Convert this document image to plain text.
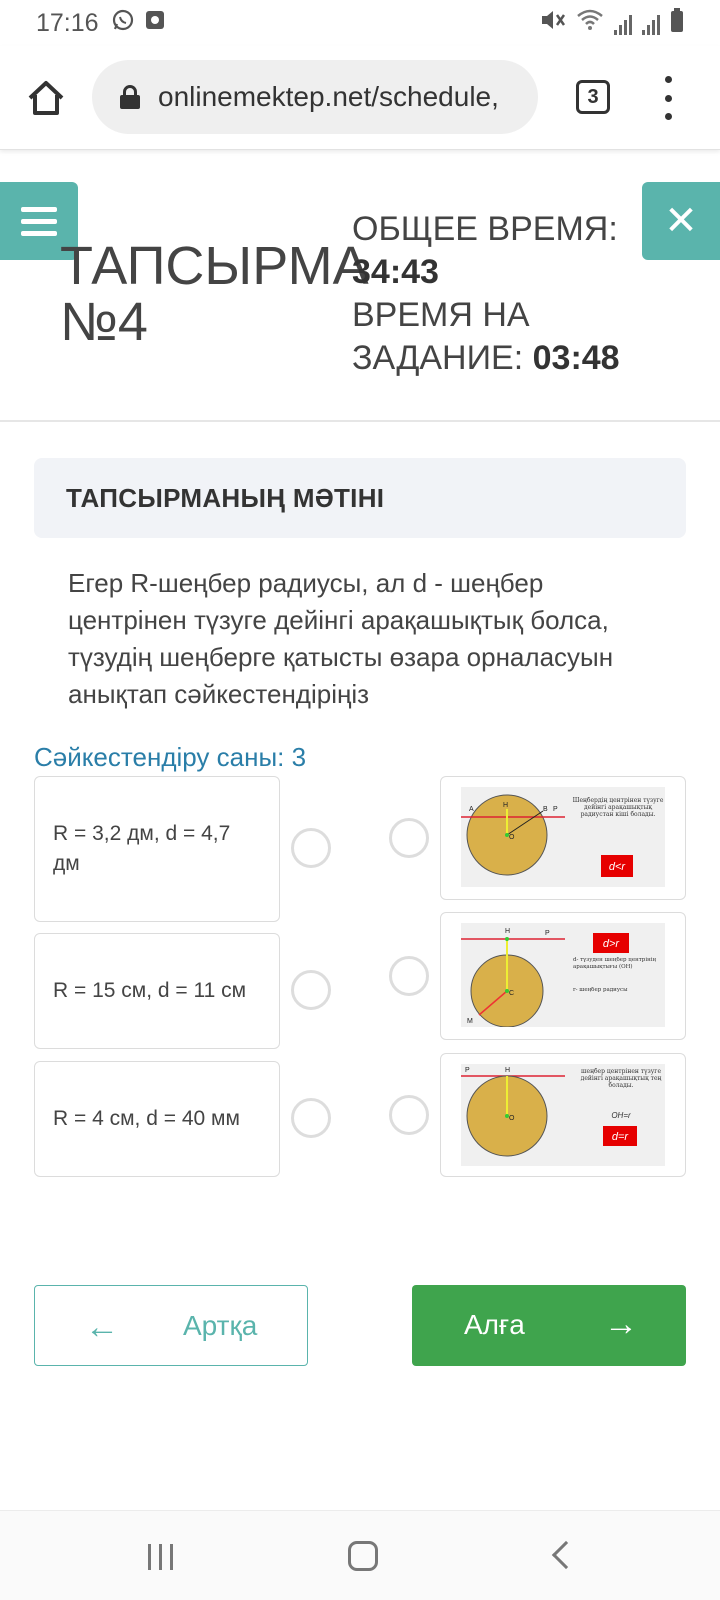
17:16
onlinemektep.net/schedule,	3
✕
ТАПСЫРМА №4
ОБЩЕЕ ВРЕМЯ:
34:43
ВРЕМЯ НА ЗАДАНИЕ: 03:48
ТАПСЫРМАНЫҢ МӘТІНІ
Егер R-шеңбер радиусы, ал d - шеңбер центрінен түзуге дейінгі арақашықтық болса, түзудің шеңберге қатысты өзара орналасуын анықтап сәйкестендіріңіз
Сәйкестендіру саны: 3
R = 3,2 дм, d = 4,7 дм
R = 15 см, d = 11 см
R = 4 см, d = 40 мм
A
H
B P
O
Шеңбердің центрінен түзуге дейінгі арақашықтық радиустан кіші болады.
d<r
H	P
C
M
d>r
d- түзуден шеңбер центрінің арақашықтығы (OH)
r- шеңбер радиусы
P	H
O
шеңбер центрінен түзуге дейінгі арақашықтық тең болады.
OH=r
d=r
← Артқа	Алға →
